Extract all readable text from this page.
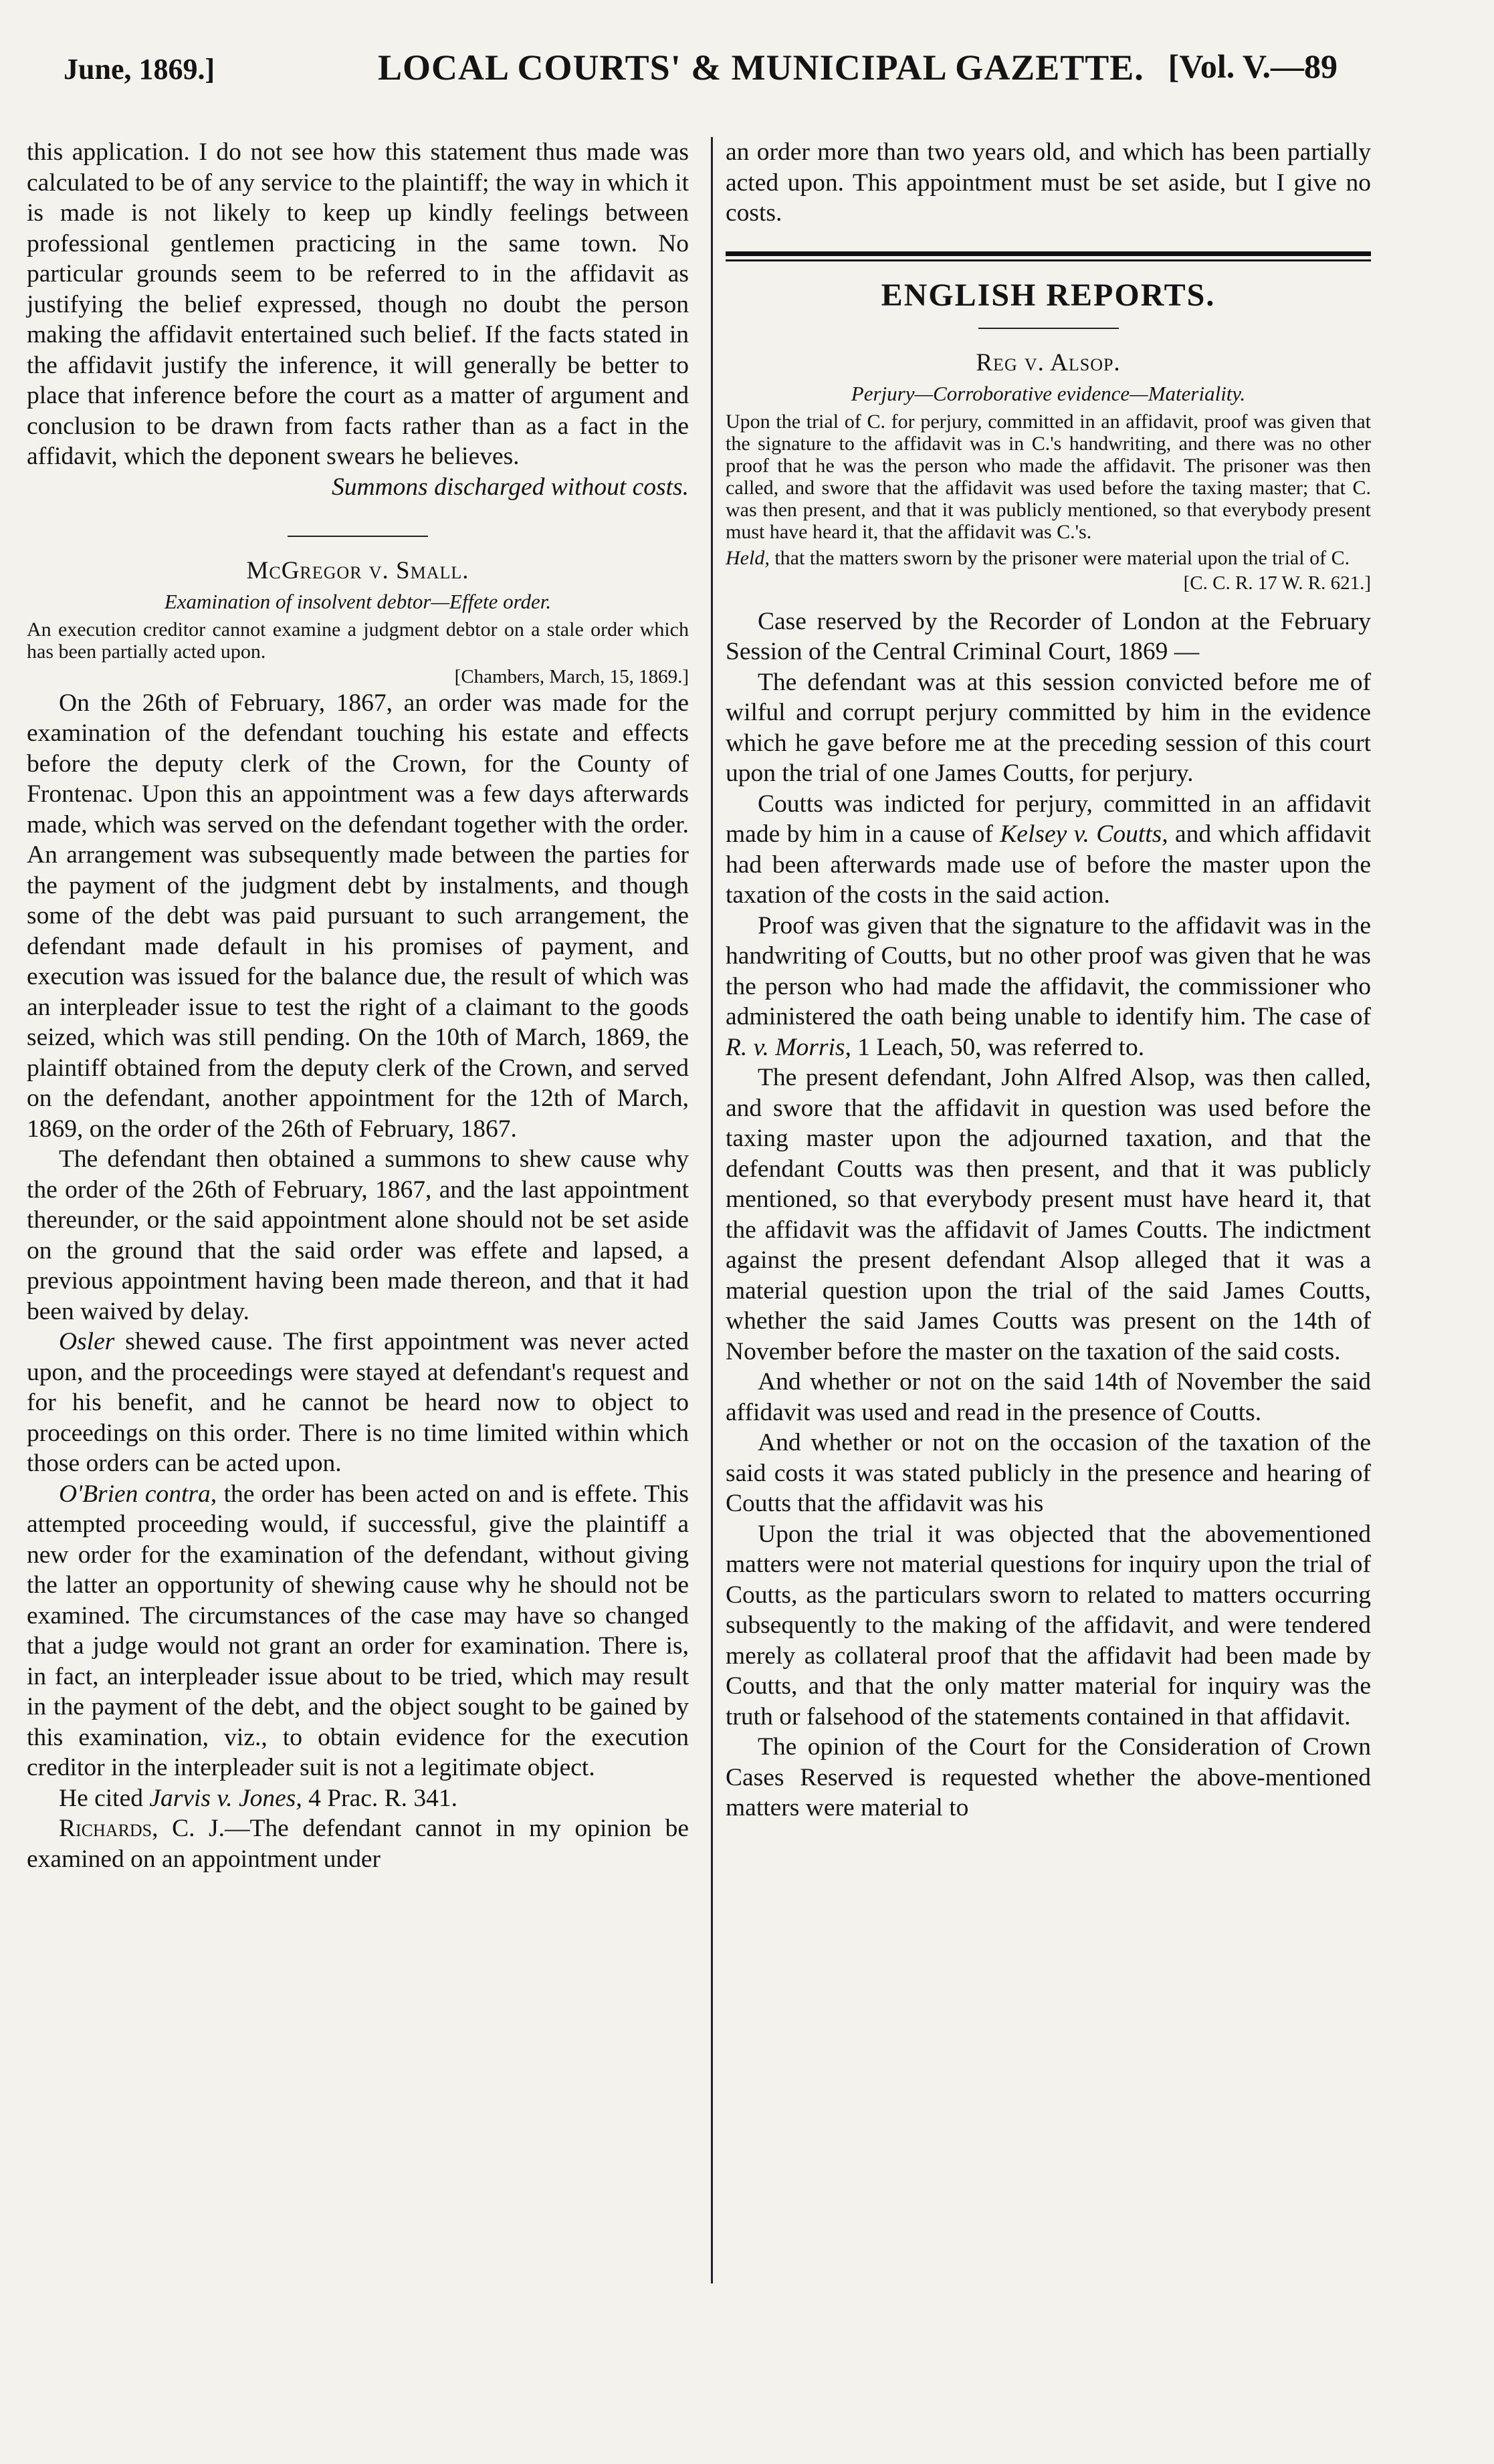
June, 1869.]	LOCAL COURTS' & MUNICIPAL GAZETTE. [Vol. V.—89

this application. I do not see how this statement thus made was calculated to be of any service to the plaintiff; the way in which it is made is not likely to keep up kindly feelings between professional gentlemen practicing in the same town. No particular grounds seem to be referred to in the affidavit as justifying the belief expressed, though no doubt the person making the affidavit entertained such belief. If the facts stated in the affidavit justify the inference, it will generally be better to place that inference before the court as a matter of argument and conclusion to be drawn from facts rather than as a fact in the affidavit, which the deponent swears he believes.

Summons discharged without costs.

McGregor v. Small.

Examination of insolvent debtor—Effete order.

An execution creditor cannot examine a judgment debtor on a stale order which has been partially acted upon.

[Chambers, March, 15, 1869.]

On the 26th of February, 1867, an order was made for the examination of the defendant touching his estate and effects before the deputy clerk of the Crown, for the County of Frontenac. Upon this an appointment was a few days afterwards made, which was served on the defendant together with the order. An arrangement was subsequently made between the parties for the payment of the judgment debt by instalments, and though some of the debt was paid pursuant to such arrangement, the defendant made default in his promises of payment, and execution was issued for the balance due, the result of which was an interpleader issue to test the right of a claimant to the goods seized, which was still pending. On the 10th of March, 1869, the plaintiff obtained from the deputy clerk of the Crown, and served on the defendant, another appointment for the 12th of March, 1869, on the order of the 26th of February, 1867.

The defendant then obtained a summons to shew cause why the order of the 26th of February, 1867, and the last appointment thereunder, or the said appointment alone should not be set aside on the ground that the said order was effete and lapsed, a previous appointment having been made thereon, and that it had been waived by delay.

Osler shewed cause. The first appointment was never acted upon, and the proceedings were stayed at defendant's request and for his benefit, and he cannot be heard now to object to proceedings on this order. There is no time limited within which those orders can be acted upon.

O'Brien contra, the order has been acted on and is effete. This attempted proceeding would, if successful, give the plaintiff a new order for the examination of the defendant, without giving the latter an opportunity of shewing cause why he should not be examined. The circumstances of the case may have so changed that a judge would not grant an order for examination. There is, in fact, an interpleader issue about to be tried, which may result in the payment of the debt, and the object sought to be gained by this examination, viz., to obtain evidence for the execution creditor in the interpleader suit is not a legitimate object.

He cited Jarvis v. Jones, 4 Prac. R. 341.

Richards, C. J.—The defendant cannot in my opinion be examined on an appointment under

an order more than two years old, and which has been partially acted upon. This appointment must be set aside, but I give no costs.

ENGLISH REPORTS.

Reg v. Alsop.

Perjury—Corroborative evidence—Materiality.

Upon the trial of C. for perjury, committed in an affidavit, proof was given that the signature to the affidavit was in C.'s handwriting, and there was no other proof that he was the person who made the affidavit. The prisoner was then called, and swore that the affidavit was used before the taxing master; that C. was then present, and that it was publicly mentioned, so that everybody present must have heard it, that the affidavit was C.'s.

Held, that the matters sworn by the prisoner were material upon the trial of C.

[C. C. R. 17 W. R. 621.]

Case reserved by the Recorder of London at the February Session of the Central Criminal Court, 1869 —

The defendant was at this session convicted before me of wilful and corrupt perjury committed by him in the evidence which he gave before me at the preceding session of this court upon the trial of one James Coutts, for perjury.

Coutts was indicted for perjury, committed in an affidavit made by him in a cause of Kelsey v. Coutts, and which affidavit had been afterwards made use of before the master upon the taxation of the costs in the said action.

Proof was given that the signature to the affidavit was in the handwriting of Coutts, but no other proof was given that he was the person who had made the affidavit, the commissioner who administered the oath being unable to identify him. The case of R. v. Morris, 1 Leach, 50, was referred to.

The present defendant, John Alfred Alsop, was then called, and swore that the affidavit in question was used before the taxing master upon the adjourned taxation, and that the defendant Coutts was then present, and that it was publicly mentioned, so that everybody present must have heard it, that the affidavit was the affidavit of James Coutts. The indictment against the present defendant Alsop alleged that it was a material question upon the trial of the said James Coutts, whether the said James Coutts was present on the 14th of November before the master on the taxation of the said costs.

And whether or not on the said 14th of November the said affidavit was used and read in the presence of Coutts.

And whether or not on the occasion of the taxation of the said costs it was stated publicly in the presence and hearing of Coutts that the affidavit was his

Upon the trial it was objected that the abovementioned matters were not material questions for inquiry upon the trial of Coutts, as the particulars sworn to related to matters occurring subsequently to the making of the affidavit, and were tendered merely as collateral proof that the affidavit had been made by Coutts, and that the only matter material for inquiry was the truth or falsehood of the statements contained in that affidavit.

The opinion of the Court for the Consideration of Crown Cases Reserved is requested whether the above-mentioned matters were material to
